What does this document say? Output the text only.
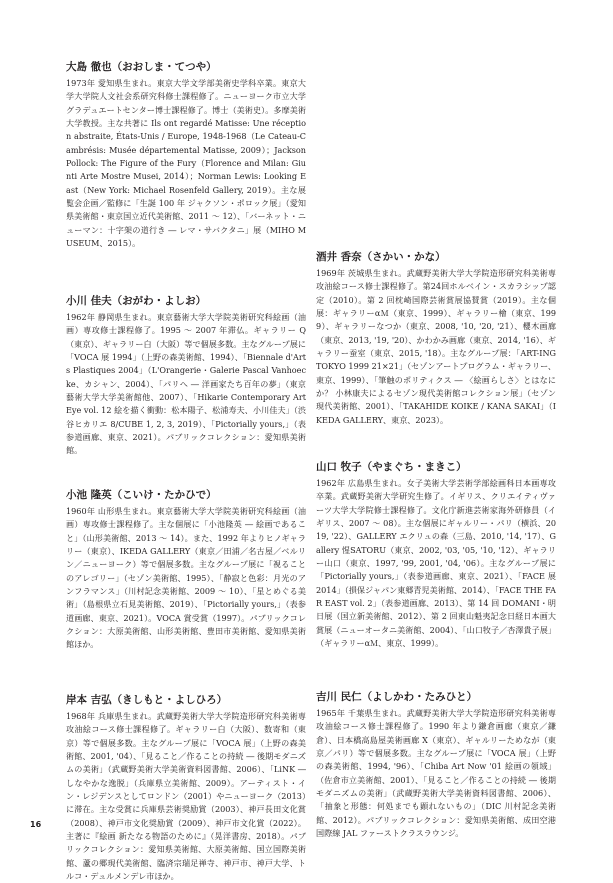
大島 徹也（おおしま・てつや）

1973年 愛知県生まれ。東京大学文学部美術史学科卒業。東京大学大学院人文社会系研究科修士課程修了。ニューヨーク市立大学グラデュエートセンター博士課程修了。博士（美術史）。多摩美術大学教授。主な共著に Ils ont regardé Matisse: Une réception abstraite, États-Unis / Europe, 1948-1968（Le Cateau-Cambrésis: Musée départemental Matisse, 2009）；Jackson Pollock: The Figure of the Fury（Florence and Milan: Giunti Arte Mostre Musei, 2014）；Norman Lewis: Looking East（New York: Michael Rosenfeld Gallery, 2019）。主な展覧会企画／監修に「生誕 100 年 ジャクソン・ポロック展」（愛知県美術館・東京国立近代美術館、2011 ～ 12）、「バーネット・ニューマン：十字架の道行き ― レマ・サバクタニ」展（MIHO MUSEUM、2015）。

小川 佳夫（おがわ・よしお）

1962年 静岡県生まれ。東京藝術大学大学院美術研究科絵画（油画）専攻修士課程修了。1995 ～ 2007 年滞仏。ギャラリー Q（東京）、ギャラリー白（大阪）等で個展多数。主なグループ展に「VOCA 展 1994」（上野の森美術館、1994）、「Biennale d'Arts Plastiques 2004」（L'Orangerie・Galerie Pascal Vanhoecke、カシャン、2004）、「パリへ ― 洋画家たち百年の夢」（東京藝術大学大学美術館他、2007）、「Hikarie Contemporary Art Eye vol. 12 絵を描く衝動：松本陽子、松浦寿夫、小川佳夫」（渋谷ヒカリエ 8/CUBE 1, 2, 3, 2019）、「Pictorially yours,」（表参道画廊、東京、2021）。パブリックコレクション：愛知県美術館。

小池 隆英（こいけ・たかひで）

1960年 山形県生まれ。東京藝術大学大学院美術研究科絵画（油画）専攻修士課程修了。主な個展に「小池隆英 ― 絵画であること」（山形美術館、2013 ～ 14）。また、1992 年よりヒノギャラリー（東京）、IKEDA GALLERY（東京／田浦／名古屋／ベルリン／ニューヨーク）等で個展多数。主なグループ展に「視ることのアレゴリー」（セゾン美術館、1995）、「静寂と色彩：月光のアンフラマンス」（川村記念美術館、2009 ～ 10）、「星とめぐる美術」（島根県立石見美術館、2019）、「Pictorially yours,」（表参道画廊、東京、2021）。VOCA 賞受賞（1997）。パブリックコレクション：大原美術館、山形美術館、豊田市美術館、愛知県美術館ほか。

岸本 吉弘（きしもと・よしひろ）

1968年 兵庫県生まれ。武蔵野美術大学大学院造形研究科美術専攻油絵コース修士課程修了。ギャラリー白（大阪）、数寄和（東京）等で個展多数。主なグループ展に「VOCA 展」（上野の森美術館、2001, '04）、「見ること／作ることの持続 ― 後期モダニズムの美術」（武蔵野美術大学美術資料図書館、2006）、「LiNK ― しなやかな逸脱」（兵庫県立美術館、2009）。アーティスト・イン・レジデンスとしてロンドン（2001）やニューヨーク（2013）に滞在。主な受賞に兵庫県芸術奨励賞（2003）、神戸長田文化賞（2008）、神戸市文化奨励賞（2009）、神戸市文化賞（2022）。主著に『絵画 新たなる物語のために』（晃洋書房、2018）。パブリックコレクション：愛知県美術館、大原美術館、国立国際美術館、蘆の郷現代美術館、臨済宗瑞足禅寺、神戸市、神戸大学、トルコ・デュルメンデレ市ほか。

酒井 香奈（さかい・かな）

1969年 茨城県生まれ。武蔵野美術大学大学院造形研究科美術専攻油絵コース修士課程修了。第24回ホルベイン・スカラシップ認定（2010）。第 2 回枕崎国際芸術賞展協賛賞（2019）。主な個展：ギャラリーαＭ（東京、1999）、ギャラリー檜（東京、1999）、ギャラリーなつか（東京、2008, '10, '20, '21）、櫻木画廊（東京、2013, '19, '20）、かわかみ画廊（東京、2014, '16）、ギャラリー蚕室（東京、2015, '18）。主なグループ展：「ART-ING TOKYO 1999 21×21」（セゾンアートプログラム・ギャラリー、東京、1999）、「筆触のポリティクス ― 〈絵画らしさ〉とはなにか？ 小林康夫によるセゾン現代美術館コレクション展」（セゾン現代美術館、2001）、「TAKAHIDE KOIKE / KANA SAKAI」（IKEDA GALLERY、東京、2023）。

山口 牧子（やまぐち・まきこ）

1962年 広島県生まれ。女子美術大学芸術学部絵画科日本画専攻卒業。武蔵野美術大学研究生修了。イギリス、クリエイティヴァーツ大学大学院修士課程修了。文化庁新進芸術家海外研修員（イギリス、2007 ～ 08）。主な個展にギャルリー・パリ（横浜、2019, '22）、GALLERY エクリュの森（三島、2010, '14, '17）、Gallery 惺SATORU（東京、2002, '03, '05, '10, '12）、ギャラリー山口（東京、1997, '99, 2001, '04, '06）。主なグループ展に「Pictorially yours,」（表参道画廊、東京、2021）、「FACE 展 2014」（損保ジャパン東郷青児美術館、2014）、「FACE THE FAR EAST vol. 2」（表参道画廊、2013）、第 14 回 DOMANI・明日展（国立新美術館、2012）、第 2 回東山魁夷記念日経日本画大賞展（ニューオータニ美術館、2004）、「山口牧子／杏澤貴子展」（ギャラリーαＭ、東京、1999）。

吉川 民仁（よしかわ・たみひと）

1965年 千葉県生まれ。武蔵野美術大学大学院造形研究科美術専攻油絵コース修士課程修了。1990 年より鎌倉画廊（東京／鎌倉）、日本橋高島屋美術画廊 X（東京）、ギャルリーためなが（東京／パリ）等で個展多数。主なグループ展に「VOCA 展」（上野の森美術館、1994, '96）、「Chiba Art Now '01 絵画の領域」（佐倉市立美術館、2001）、「見ること／作ることの持続 ― 後期モダニズムの美術」（武蔵野美術大学美術資料図書館、2006）、「抽象と形態：何処までも顕れないもの」（DIC 川村記念美術館、2012）。パブリックコレクション：愛知県美術館、成田空港国際線 JAL ファーストクラスラウンジ。

16
